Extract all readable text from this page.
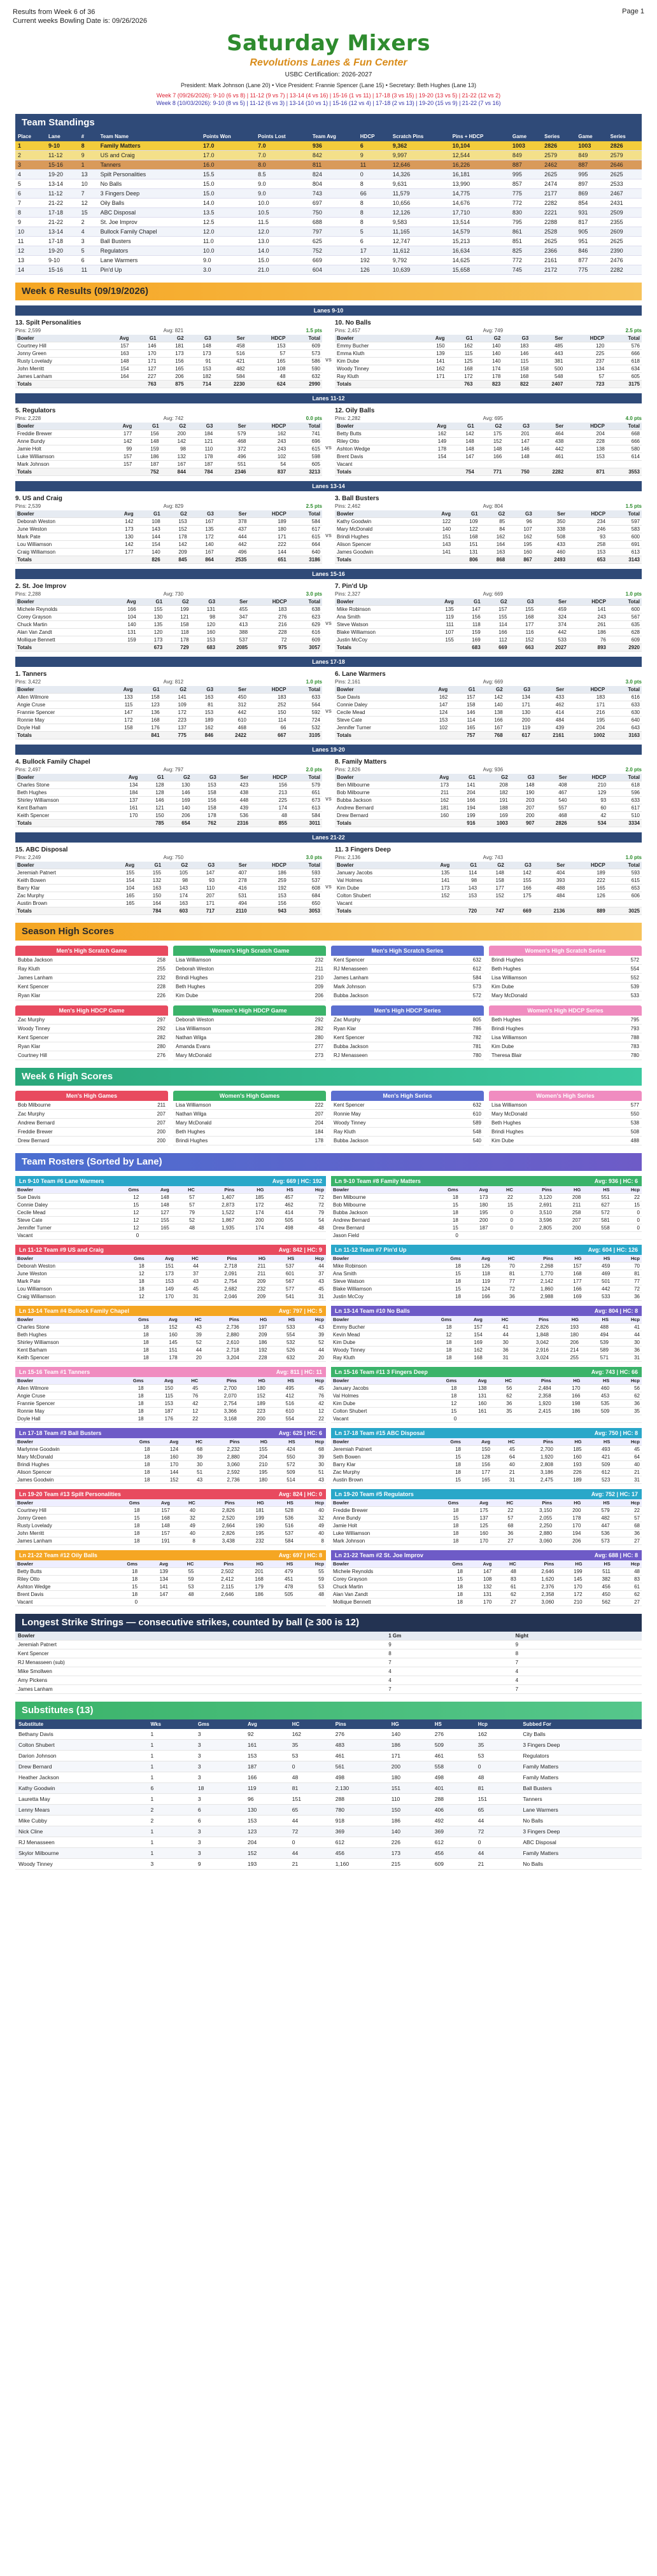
Results from Week 6 of 36
Current weeks Bowling Date is: 09/26/2026
Page 1
Saturday Mixers
Revolutions Lanes & Fun Center
USBC Certification: 2026-2027
President: Mark Johnson (Lane 20) • Vice President: Frannie Spencer (Lane 15) • Secretary: Beth Hughes (Lane 13)
Week 7 (09/26/2026): 9-10 (6 vs 8) | 11-12 (9 vs 7) | 13-14 (4 vs 16) | 15-16 (1 vs 11) | 17-18 (3 vs 15) | 19-20 (13 vs 5) | 21-22 (12 vs 2)
Week 8 (10/03/2026): 9-10 (8 vs 5) | 11-12 (6 vs 3) | 13-14 (10 vs 1) | 15-16 (12 vs 4) | 17-18 (2 vs 13) | 19-20 (15 vs 9) | 21-22 (7 vs 16)
Team Standings
Place	Lane	#	Team Name	Points Won	Points Lost	Team Avg	HDCP	Scratch Pins	Pins + HDCP	Game	Series	Game	Series
1	9-10	8	Family Matters	17.0	7.0	936	6	9,362	10,104	1003	2826	1003	2826
2	11-12	9	US and Craig	17.0	7.0	842	9	9,997	12,544	849	2579	849	2579
3	15-16	1	Tanners	16.0	8.0	811	11	12,646	16,226	887	2462	887	2646
4	19-20	13	Spilt Personalities	15.5	8.5	824	0	14,326	16,181	995	2625	995	2625
5	13-14	10	No Balls	15.0	9.0	804	8	9,631	13,990	857	2474	897	2533
6	11-12	7	3 Fingers Deep	15.0	9.0	743	66	11,579	14,775	775	2177	869	2467
7	21-22	12	Oily Balls	14.0	10.0	697	8	10,656	14,676	772	2282	854	2431
8	17-18	15	ABC Disposal	13.5	10.5	750	8	12,126	17,710	830	2221	931	2509
9	21-22	2	St. Joe Improv	12.5	11.5	688	8	9,583	13,514	795	2288	817	2355
10	13-14	4	Bullock Family Chapel	12.0	12.0	797	5	11,165	14,579	861	2528	905	2609
11	17-18	3	Ball Busters	11.0	13.0	625	6	12,747	15,213	851	2625	951	2625
12	19-20	5	Regulators	10.0	14.0	752	17	11,612	16,634	825	2366	846	2390
13	9-10	6	Lane Warmers	9.0	15.0	669	192	9,792	14,625	772	2161	877	2476
14	15-16	11	Pin'd Up	3.0	21.0	604	126	10,639	15,658	745	2172	775	2282
Week 6 Results (09/19/2026)
Lanes 9-10
13. Spilt Personalities
Pins: 2,599	Avg: 821	1.5 pts
Bowler	Avg	G1	G2	G3	Ser	HDCP	Total
Courtney Hill	157	146	181	148	458	153	609
Jonny Green	163	170	173	173	516	57	573
Rusty Lovelady	148	171	156	91	421	165	586
John Merritt	154	127	165	153	482	108	590
James Lanham	164	227	206	182	584	48	632
Totals		763	875	714	2230	624	2990
vs
10. No Balls
Pins: 2,457	Avg: 749	2.5 pts
Bowler	Avg	G1	G2	G3	Ser	HDCP	Total
Emmy Bucher	150	162	140	183	485	120	576
Emma Kluth	139	115	140	146	443	225	666
Kim Dube	141	125	140	115	381	237	618
Woody Tinney	162	168	174	158	500	134	634
Ray Kluth	171	172	178	168	548	57	605
Totals		763	823	822	2407	723	3175
Lanes 11-12
5. Regulators
Pins: 2,228	Avg: 742	0.0 pts
Bowler	Avg	G1	G2	G3	Ser	HDCP	Total
Freddie Brewer	177	156	200	184	579	162	741
Anne Bundy	142	148	142	121	468	243	696
Jamie Holt	99	159	98	110	372	243	615
Luke Williamson	157	186	132	178	496	102	598
Mark Johnson	157	187	167	187	551	54	605
Totals		752	844	784	2346	837	3213
vs
12. Oily Balls
Pins: 2,282	Avg: 695	4.0 pts
Bowler	Avg	G1	G2	G3	Ser	HDCP	Total
Betty Butts	162	142	175	201	464	204	668
Riley Otto	149	148	152	147	438	228	666
Ashton Wedge	178	148	148	146	442	138	580
Brent Davis	154	147	166	148	461	153	614
Vacant							
Totals		754	771	750	2282	871	3553
Lanes 13-14
9. US and Craig
Pins: 2,539	Avg: 829	2.5 pts
Bowler	Avg	G1	G2	G3	Ser	HDCP	Total
Deborah Weston	142	108	153	167	378	189	584
June Weston	173	143	152	135	437	180	617
Mark Pate	130	144	178	172	444	171	615
Lou Williamson	142	154	142	140	442	222	664
Craig Williamson	177	140	209	167	496	144	640
Totals		826	845	864	2535	651	3186
vs
3. Ball Busters
Pins: 2,462	Avg: 804	1.5 pts
Bowler	Avg	G1	G2	G3	Ser	HDCP	Total
Kathy Goodwin	122	109	85	96	350	234	597
Mary McDonald	140	122	84	107	338	246	583
Brindi Hughes	151	168	162	162	508	93	600
Alison Spencer	143	151	164	195	433	258	691
James Goodwin	141	131	163	160	460	153	613
Totals		806	868	867	2493	653	3143
Lanes 15-16
2. St. Joe Improv
Pins: 2,288	Avg: 730	3.0 pts
Bowler	Avg	G1	G2	G3	Ser	HDCP	Total
Michele Reynolds	166	155	199	131	455	183	638
Corey Grayson	104	130	121	98	347	276	623
Chuck Martin	140	135	158	120	413	216	629
Alan Van Zandt	131	120	118	160	388	228	616
Mollique Bennett	159	173	178	153	537	72	609
Totals		673	729	683	2085	975	3057
vs
7. Pin'd Up
Pins: 2,327	Avg: 669	1.0 pts
Bowler	Avg	G1	G2	G3	Ser	HDCP	Total
Mike Robinson	135	147	157	155	459	141	600
Ana Smith	119	156	155	168	324	243	567
Steve Watson	111	118	114	177	374	261	635
Blake Williamson	107	159	166	116	442	186	628
Justin McCoy	155	169	112	152	533	76	609
Totals		683	669	663	2027	893	2920
Lanes 17-18
1. Tanners
Pins: 3,422	Avg: 812	1.0 pts
Bowler	Avg	G1	G2	G3	Ser	HDCP	Total
Allen Wilmore	133	158	141	163	450	183	633
Angie Cruse	115	123	109	81	312	252	564
Frannie Spencer	147	136	172	153	442	150	592
Ronnie May	172	168	223	189	610	114	724
Doyle Hall	158	176	137	162	468	66	532
Totals		841	775	846	2422	667	3105
vs
6. Lane Warmers
Pins: 2,161	Avg: 669	3.0 pts
Bowler	Avg	G1	G2	G3	Ser	HDCP	Total
Sue Davis	162	157	142	134	433	183	616
Connie Daley	147	158	140	171	462	171	633
Cecile Mead	124	146	138	130	414	216	630
Steve Cate	153	114	166	200	484	195	640
Jennifer Turner	102	165	167	119	439	204	643
Totals		757	768	617	2161	1002	3163
Lanes 19-20
4. Bullock Family Chapel
Pins: 2,497	Avg: 797	2.0 pts
Bowler	Avg	G1	G2	G3	Ser	HDCP	Total
Charles Stone	134	128	130	153	423	156	579
Beth Hughes	184	128	146	158	438	213	651
Shirley Williamson	137	146	169	156	448	225	673
Kent Barham	161	121	140	158	439	174	613
Keith Spencer	170	150	206	178	536	48	584
Totals		785	654	762	2316	855	3011
vs
8. Family Matters
Pins: 2,826	Avg: 936	2.0 pts
Bowler	Avg	G1	G2	G3	Ser	HDCP	Total
Ben Milbourne	173	141	208	148	408	210	618
Bob Milbourne	211	204	182	190	467	129	596
Bubba Jackson	162	166	191	203	540	93	633
Andrew Bernard	181	194	188	207	557	60	617
Drew Bernard	160	199	169	200	468	42	510
Totals		916	1003	907	2826	534	3334
Lanes 21-22
15. ABC Disposal
Pins: 2,249	Avg: 750	3.0 pts
Bowler	Avg	G1	G2	G3	Ser	HDCP	Total
Jeremiah Patnert	155	155	105	147	407	186	593
Keith Bowen	154	132	98	93	278	259	537
Barry Klar	104	163	143	110	416	192	608
Zac Murphy	165	150	174	207	531	153	684
Austin Brown	165	164	163	171	494	156	650
Totals		784	603	717	2110	943	3053
vs
11. 3 Fingers Deep
Pins: 2,136	Avg: 743	1.0 pts
Bowler	Avg	G1	G2	G3	Ser	HDCP	Total
January Jacobs	135	114	148	142	404	189	593
Val Holmes	141	98	158	155	393	222	615
Kim Dube	173	143	177	166	488	165	653
Colton Shubert	152	153	152	175	484	126	606
Vacant							
Totals		720	747	669	2136	889	3025
Season High Scores
Men's High Scratch Game
Bubba Jackson	258
Ray Kluth	255
James Lanham	232
Kent Spencer	228
Ryan Klar	226
Women's High Scratch Game
Lisa Williamson	232
Deborah Weston	211
Brindi Hughes	210
Beth Hughes	209
Kim Dube	206
Men's High Scratch Series
Kent Spencer	632
RJ Menasseen	612
James Lanham	584
Mark Johnson	573
Bubba Jackson	572
Women's High Scratch Series
Brindi Hughes	572
Beth Hughes	554
Lisa Williamson	552
Kim Dube	539
Mary McDonald	533
Men's High HDCP Game
Zac Murphy	297
Woody Tinney	292
Kent Spencer	282
Ryan Klar	280
Courtney Hill	276
Women's High HDCP Game
Deborah Weston	292
Lisa Williamson	282
Nathan Wilga	280
Amanda Evans	277
Mary McDonald	273
Men's High HDCP Series
Zac Murphy	805
Ryan Klar	786
Kent Spencer	782
Bubba Jackson	781
RJ Menasseen	780
Women's High HDCP Series
Beth Hughes	795
Brindi Hughes	793
Lisa Williamson	788
Kim Dube	783
Theresa Blair	780
Week 6 High Scores
Men's High Games
Bob Milbourne	211
Zac Murphy	207
Andrew Bernard	207
Freddie Brewer	200
Drew Bernard	200
Women's High Games
Lisa Williamson	222
Nathan Wilga	207
Mary McDonald	204
Beth Hughes	184
Brindi Hughes	178
Men's High Series
Kent Spencer	632
Ronnie May	610
Woody Tinney	589
Ray Kluth	548
Bubba Jackson	540
Women's High Series
Lisa Williamson	577
Mary McDonald	550
Beth Hughes	538
Brindi Hughes	508
Kim Dube	488
Team Rosters (Sorted by Lane)
Ln 9-10 Team #6 Lane Warmers	Avg: 669 | HC: 192
Bowler	Gms	Avg	HC	Pins	HG	HS	Hcp
Sue Davis	12	148	57	1,407	185	457	72
Connie Daley	15	148	57	2,873	172	462	72
Cecile Mead	12	127	79	1,522	174	414	79
Steve Cate	12	155	52	1,867	200	505	54
Jennifer Turner	12	165	48	1,935	174	498	48
Vacant	0						
Ln 9-10 Team #8 Family Matters	Avg: 936 | HC: 6
Bowler	Gms	Avg	HC	Pins	HG	HS	Hcp
Ben Milbourne	18	173	22	3,120	208	551	22
Bob Milbourne	15	180	15	2,691	211	627	15
Bubba Jackson	18	195	0	3,510	258	572	0
Andrew Bernard	18	200	0	3,596	207	581	0
Drew Bernard	15	187	0	2,805	200	558	0
Jason Field	0						
Ln 11-12 Team #9 US and Craig	Avg: 842 | HC: 9
Bowler	Gms	Avg	HC	Pins	HG	HS	Hcp
Deborah Weston	18	151	44	2,718	211	537	44
June Weston	12	173	37	2,091	211	601	37
Mark Pate	18	153	43	2,754	209	567	43
Lou Williamson	18	149	45	2,682	232	577	45
Craig Williamson	12	170	31	2,046	209	541	31
Ln 11-12 Team #7 Pin'd Up	Avg: 604 | HC: 126
Bowler	Gms	Avg	HC	Pins	HG	HS	Hcp
Mike Robinson	18	126	70	2,268	157	459	70
Ana Smith	15	118	81	1,770	168	469	81
Steve Watson	18	119	77	2,142	177	501	77
Blake Williamson	15	124	72	1,860	166	442	72
Justin McCoy	18	166	36	2,988	169	533	36
Ln 13-14 Team #4 Bullock Family Chapel	Avg: 797 | HC: 5
Bowler	Gms	Avg	HC	Pins	HG	HS	Hcp
Charles Stone	18	152	43	2,736	197	533	43
Beth Hughes	18	160	39	2,880	209	554	39
Shirley Williamson	18	145	52	2,610	186	532	52
Kent Barham	18	151	44	2,718	192	526	44
Keith Spencer	18	178	20	3,204	228	632	20
Ln 13-14 Team #10 No Balls	Avg: 804 | HC: 8
Bowler	Gms	Avg	HC	Pins	HG	HS	Hcp
Emmy Bucher	18	157	41	2,826	193	488	41
Kevin Mead	12	154	44	1,848	180	494	44
Kim Dube	18	169	30	3,042	206	539	30
Woody Tinney	18	162	36	2,916	214	589	36
Ray Kluth	18	168	31	3,024	255	571	31
Ln 15-16 Team #1 Tanners	Avg: 811 | HC: 11
Bowler	Gms	Avg	HC	Pins	HG	HS	Hcp
Allen Wilmore	18	150	45	2,700	180	495	45
Angie Cruse	18	115	76	2,070	152	412	76
Frannie Spencer	18	153	42	2,754	189	516	42
Ronnie May	18	187	12	3,366	223	610	12
Doyle Hall	18	176	22	3,168	200	554	22
Ln 15-16 Team #11 3 Fingers Deep	Avg: 743 | HC: 66
Bowler	Gms	Avg	HC	Pins	HG	HS	Hcp
January Jacobs	18	138	56	2,484	170	460	56
Val Holmes	18	131	62	2,358	166	453	62
Kim Dube	12	160	36	1,920	198	535	36
Colton Shubert	15	161	35	2,415	186	509	35
Vacant	0						
Ln 17-18 Team #3 Ball Busters	Avg: 625 | HC: 6
Bowler	Gms	Avg	HC	Pins	HG	HS	Hcp
Marlynne Goodwin	18	124	68	2,232	155	424	68
Mary McDonald	18	160	39	2,880	204	550	39
Brindi Hughes	18	170	30	3,060	210	572	30
Alison Spencer	18	144	51	2,592	195	509	51
James Goodwin	18	152	43	2,736	180	514	43
Ln 17-18 Team #15 ABC Disposal	Avg: 750 | HC: 8
Bowler	Gms	Avg	HC	Pins	HG	HS	Hcp
Jeremiah Patnert	18	150	45	2,700	185	493	45
Seth Bowen	15	128	64	1,920	160	421	64
Barry Klar	18	156	40	2,808	193	509	40
Zac Murphy	18	177	21	3,186	226	612	21
Austin Brown	15	165	31	2,475	189	523	31
Ln 19-20 Team #13 Spilt Personalities	Avg: 824 | HC: 0
Bowler	Gms	Avg	HC	Pins	HG	HS	Hcp
Courtney Hill	18	157	40	2,826	181	528	40
Jonny Green	15	168	32	2,520	199	536	32
Rusty Lovelady	18	148	49	2,664	190	516	49
John Merritt	18	157	40	2,826	195	537	40
James Lanham	18	191	8	3,438	232	584	8
Ln 19-20 Team #5 Regulators	Avg: 752 | HC: 17
Bowler	Gms	Avg	HC	Pins	HG	HS	Hcp
Freddie Brewer	18	175	22	3,150	200	579	22
Anne Bundy	15	137	57	2,055	178	482	57
Jamie Holt	18	125	68	2,250	170	447	68
Luke Williamson	18	160	36	2,880	194	536	36
Mark Johnson	18	170	27	3,060	206	573	27
Ln 21-22 Team #12 Oily Balls	Avg: 697 | HC: 8
Bowler	Gms	Avg	HC	Pins	HG	HS	Hcp
Betty Butts	18	139	55	2,502	201	479	55
Riley Otto	18	134	59	2,412	168	451	59
Ashton Wedge	15	141	53	2,115	179	478	53
Brent Davis	18	147	48	2,646	186	505	48
Vacant	0						
Ln 21-22 Team #2 St. Joe Improv	Avg: 688 | HC: 8
Bowler	Gms	Avg	HC	Pins	HG	HS	Hcp
Michele Reynolds	18	147	48	2,646	199	511	48
Corey Grayson	15	108	83	1,620	145	382	83
Chuck Martin	18	132	61	2,376	170	456	61
Alan Van Zandt	18	131	62	2,358	172	450	62
Mollique Bennett	18	170	27	3,060	210	562	27
Longest Strike Strings — consecutive strikes, counted by ball (≥ 300 is 12)
Bowler	1 Gm	Night
Jeremiah Patnert	9	9
Kent Spencer	8	8
RJ Menasseen (sub)	7	7
Mike Smollwen	4	4
Amy Pickens	4	4
James Lanham	7	7
Substitutes (13)
Substitute	Wks	Gms	Avg	HC	Pins	HG	HS	Hcp	Subbed For
Bethany Davis	1	3	92	162	276	140	276	162	City Balls
Colton Shubert	1	3	161	35	483	186	509	35	3 Fingers Deep
Darion Johnson	1	3	153	53	461	171	461	53	Regulators
Drew Bernard	1	3	187	0	561	200	558	0	Family Matters
Heather Jackson	1	3	166	48	498	180	498	48	Family Matters
Kathy Goodwin	6	18	119	81	2,130	151	401	81	Ball Busters
Lauretta May	1	3	96	151	288	110	288	151	Tanners
Lenny Mears	2	6	130	65	780	150	406	65	Lane Warmers
Mike Cubby	2	6	153	44	918	186	492	44	No Balls
Nick Cline	1	3	123	72	369	140	369	72	3 Fingers Deep
RJ Menasseen	1	3	204	0	612	226	612	0	ABC Disposal
Skylor Milbourne	1	3	152	44	456	173	456	44	Family Matters
Woody Tinney	3	9	193	21	1,160	215	609	21	No Balls
